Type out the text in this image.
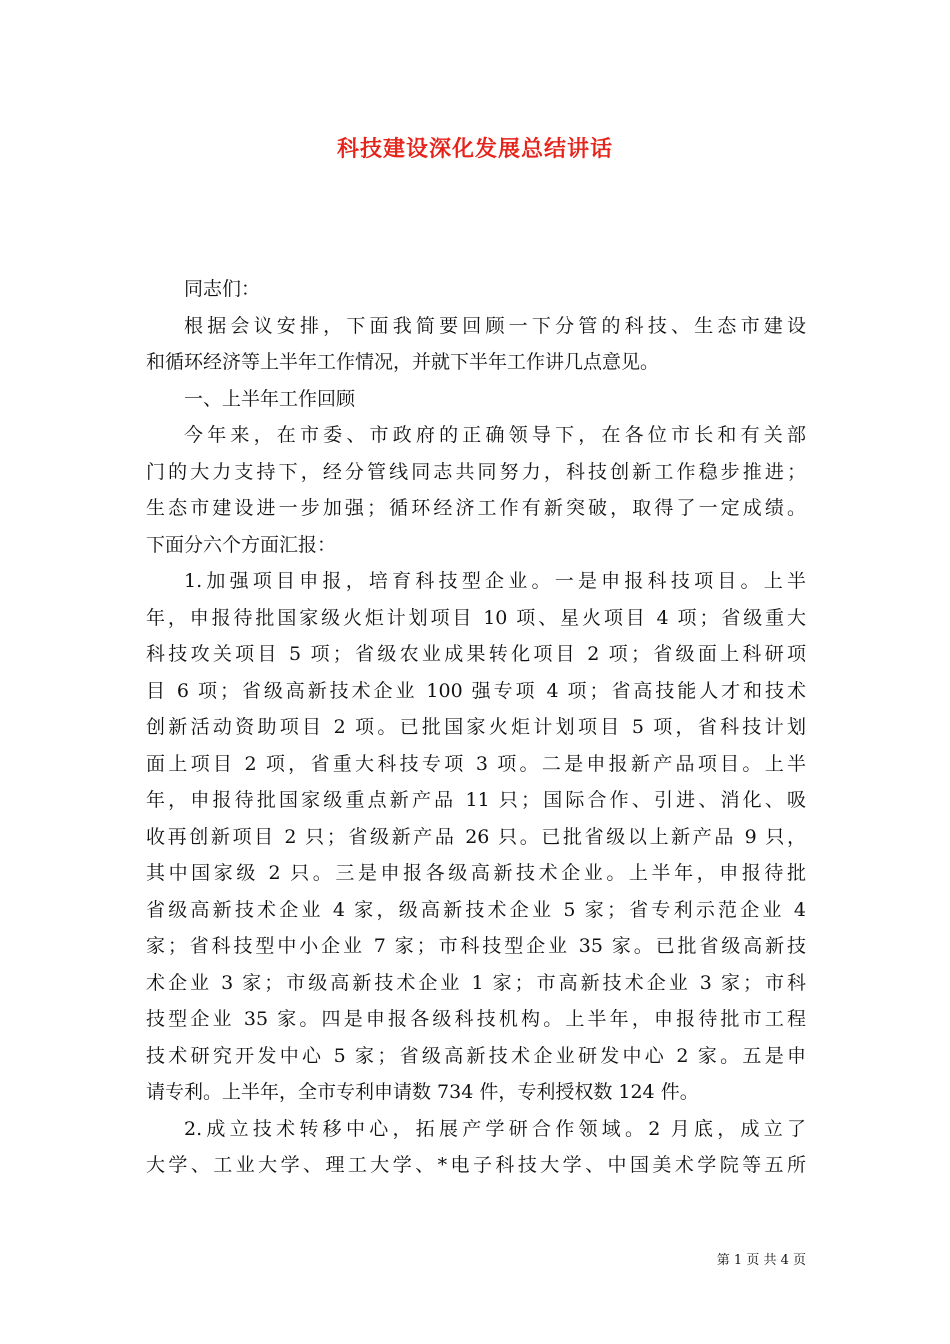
科技建设深化发展总结讲话

同志们：

根据会议安排，下面我简要回顾一下分管的科技、生态市建设

和循环经济等上半年工作情况，并就下半年工作讲几点意见。

一、上半年工作回顾

今年来，在市委、市政府的正确领导下，在各位市长和有关部

门的大力支持下，经分管线同志共同努力，科技创新工作稳步推进；

生态市建设进一步加强；循环经济工作有新突破，取得了一定成绩。

下面分六个方面汇报：

1.加强项目申报，培育科技型企业。一是申报科技项目。上半

年，申报待批国家级火炬计划项目 10 项、星火项目 4 项；省级重大

科技攻关项目 5 项；省级农业成果转化项目 2 项；省级面上科研项

目 6 项；省级高新技术企业 100 强专项 4 项；省高技能人才和技术

创新活动资助项目 2 项。已批国家火炬计划项目 5 项，省科技计划

面上项目 2 项，省重大科技专项 3 项。二是申报新产品项目。上半

年，申报待批国家级重点新产品 11 只；国际合作、引进、消化、吸

收再创新项目 2 只；省级新产品 26 只。已批省级以上新产品 9 只，

其中国家级 2 只。三是申报各级高新技术企业。上半年，申报待批

省级高新技术企业 4 家，级高新技术企业 5 家；省专利示范企业 4

家；省科技型中小企业 7 家；市科技型企业 35 家。已批省级高新技

术企业 3 家；市级高新技术企业 1 家；市高新技术企业 3 家；市科

技型企业 35 家。四是申报各级科技机构。上半年，申报待批市工程

技术研究开发中心 5 家；省级高新技术企业研发中心 2 家。五是申

请专利。上半年，全市专利申请数 734 件，专利授权数 124 件。

2.成立技术转移中心，拓展产学研合作领域。2 月底，成立了

大学、工业大学、理工大学、*电子科技大学、中国美术学院等五所

第 1 页 共 4 页
